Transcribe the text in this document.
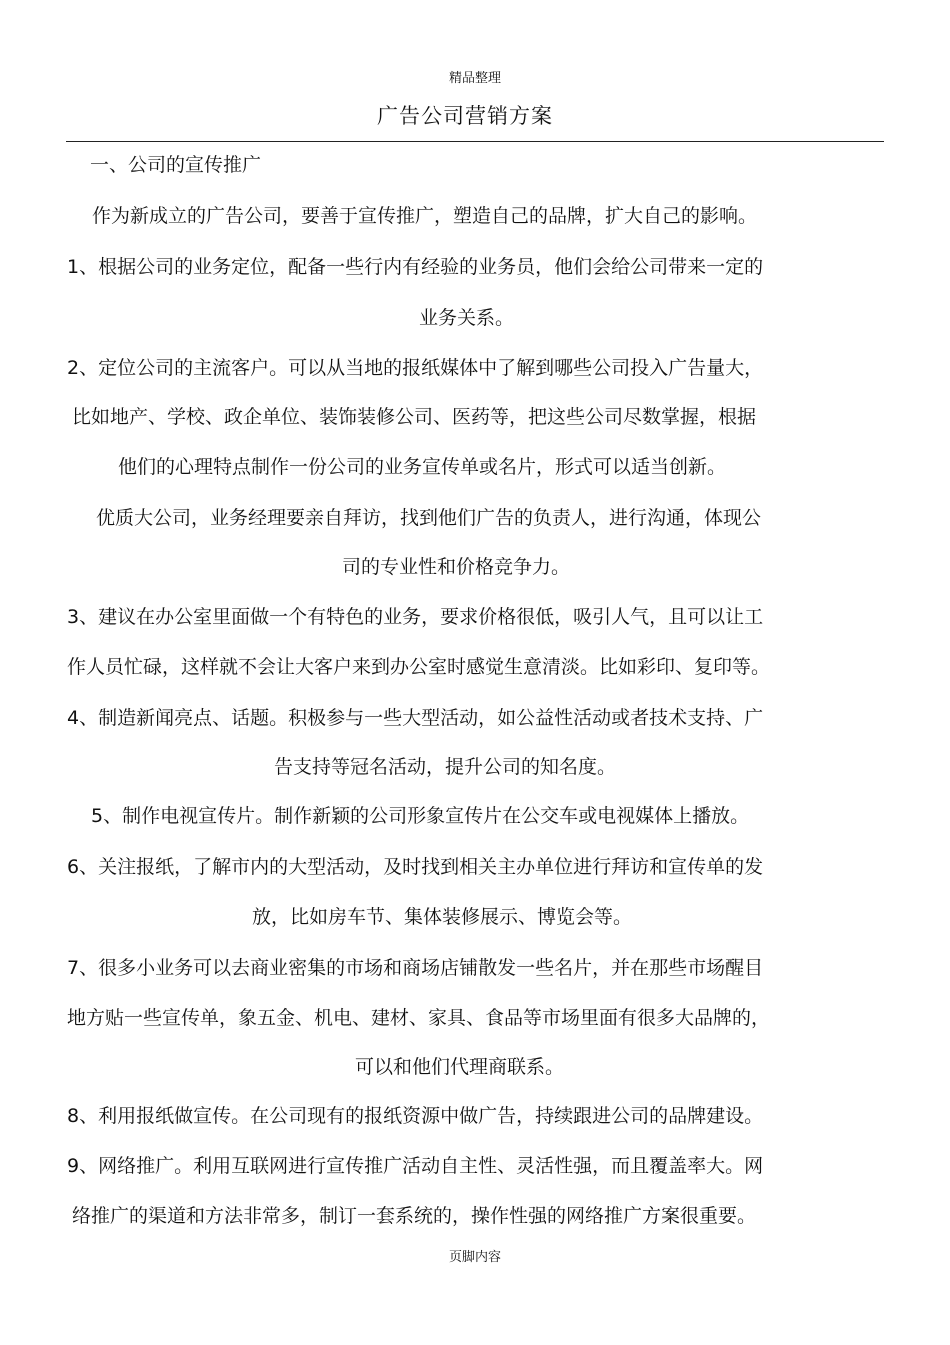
精品整理
广告公司营销方案
一、公司的宣传推广
作为新成立的广告公司，要善于宣传推广，塑造自己的品牌，扩大自己的影响。
1、根据公司的业务定位，配备一些行内有经验的业务员，他们会给公司带来一定的
业务关系。
2、定位公司的主流客户。可以从当地的报纸媒体中了解到哪些公司投入广告量大，
比如地产、学校、政企单位、装饰装修公司、医药等，把这些公司尽数掌握，根据
他们的心理特点制作一份公司的业务宣传单或名片，形式可以适当创新。
优质大公司，业务经理要亲自拜访，找到他们广告的负责人，进行沟通，体现公
司的专业性和价格竞争力。
3、建议在办公室里面做一个有特色的业务，要求价格很低，吸引人气，且可以让工
作人员忙碌，这样就不会让大客户来到办公室时感觉生意清淡。比如彩印、复印等。
4、制造新闻亮点、话题。积极参与一些大型活动，如公益性活动或者技术支持、广
告支持等冠名活动，提升公司的知名度。
5、制作电视宣传片。制作新颖的公司形象宣传片在公交车或电视媒体上播放。
6、关注报纸，了解市内的大型活动，及时找到相关主办单位进行拜访和宣传单的发
放，比如房车节、集体装修展示、博览会等。
7、很多小业务可以去商业密集的市场和商场店铺散发一些名片，并在那些市场醒目
地方贴一些宣传单，象五金、机电、建材、家具、食品等市场里面有很多大品牌的，
可以和他们代理商联系。
8、利用报纸做宣传。在公司现有的报纸资源中做广告，持续跟进公司的品牌建设。
9、网络推广。利用互联网进行宣传推广活动自主性、灵活性强，而且覆盖率大。网
络推广的渠道和方法非常多，制订一套系统的，操作性强的网络推广方案很重要。
页脚内容
